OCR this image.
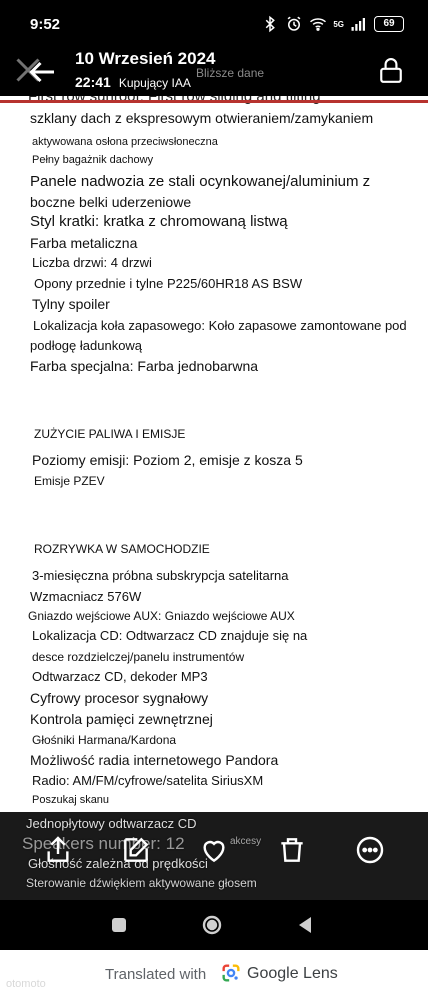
9:52	5G	69
10 Wrzesień 2024
22:41 Kupujący IAA
Bliższe dane
szklany dach z ekspresowym otwieraniem/zamykaniem
aktywowana osłona przeciwsłoneczna
Pełny bagażnik dachowy
Panele nadwozia ze stali ocynkowanej/aluminium z
boczne belki uderzeniowe
Styl kratki: kratka z chromowaną listwą
Farba metaliczna
Liczba drzwi: 4 drzwi
Opony przednie i tylne P225/60HR18 AS BSW
Tylny spoiler
Lokalizacja koła zapasowego: Koło zapasowe zamontowane pod
podłogę ładunkową
Farba specjalna: Farba jednobarwna
ZUŻYCIE PALIWA I EMISJE
Poziomy emisji: Poziom 2, emisje z kosza 5
Emisje PZEV
ROZRYWKA W SAMOCHODZIE
3-miesięczna próbna subskrypcja satelitarna
Wzmacniacz 576W
Gniazdo wejściowe AUX: Gniazdo wejściowe AUX
Lokalizacja CD: Odtwarzacz CD znajduje się na
desce rozdzielczej/panelu instrumentów
Odtwarzacz CD, dekoder MP3
Cyfrowy procesor sygnałowy
Kontrola pamięci zewnętrznej
Głośniki Harmana/Kardona
Możliwość radia internetowego Pandora
Radio: AM/FM/cyfrowe/satelita SiriusXM
Poszukaj skanu
Jednopłytowy odtwarzacz CD
Speakers number: 12	akcesy
Głośność zależna od prędkości
Sterowanie dźwiękiem aktywowane głosem
Translated with	Google Lens
otomoto
